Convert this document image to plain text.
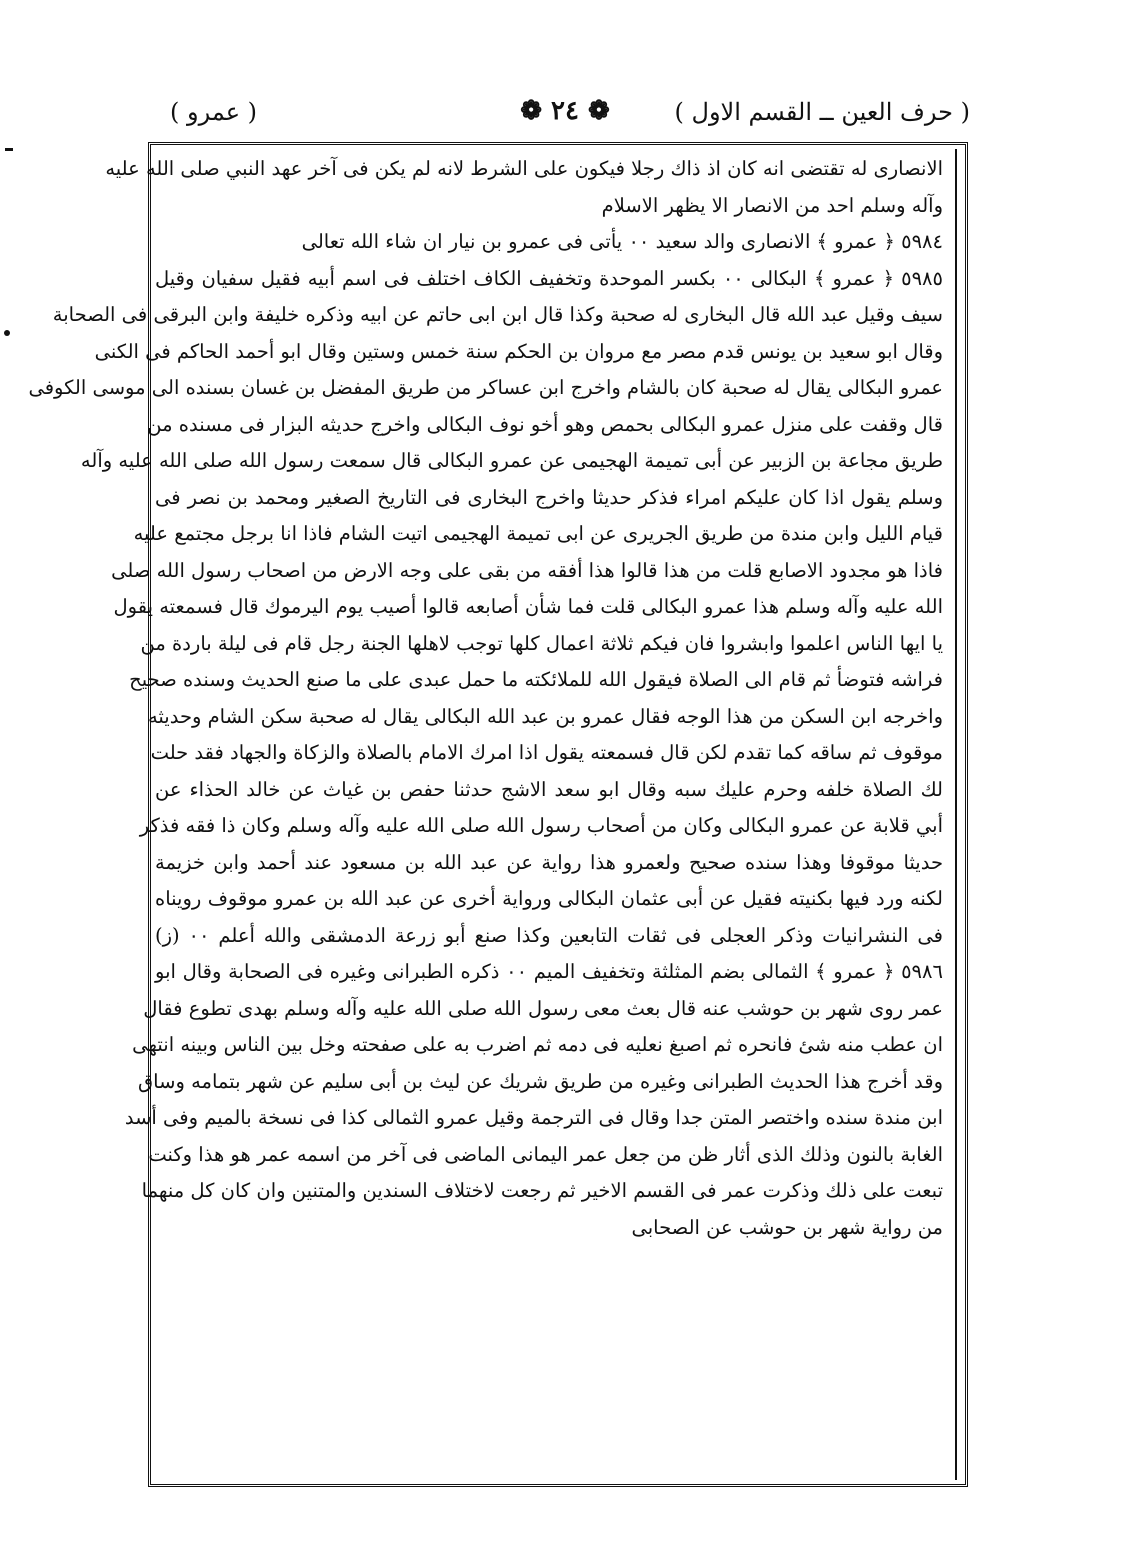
( عمرو )	❁ ٢٤ ❁	( حرف العين ــ القسم الاول )
الانصارى له تقتضى انه كان اذ ذاك رجلا فيكون على الشرط لانه لم يكن فى آخر عهد النبي صلى الله عليه
وآله وسلم احد من الانصار الا يظهر الاسلام
٥٩٨٤ ﴿ عمرو ﴾ الانصارى والد سعيد ٠٠ يأتى فى عمرو بن نيار ان شاء الله تعالى
٥٩٨٥ ﴿ عمرو ﴾ البكالى ٠٠ بكسر الموحدة وتخفيف الكاف اختلف فى اسم أبيه فقيل سفيان وقيل
سيف وقيل عبد الله قال البخارى له صحبة وكذا قال ابن ابى حاتم عن ابيه وذكره خليفة وابن البرقى فى الصحابة
وقال ابو سعيد بن يونس قدم مصر مع مروان بن الحكم سنة خمس وستين وقال ابو أحمد الحاكم فى الكنى
عمرو البكالى يقال له صحبة كان بالشام واخرج ابن عساكر من طريق المفضل بن غسان بسنده الى موسى الكوفى
قال وقفت على منزل عمرو البكالى بحمص وهو أخو نوف البكالى واخرج حديثه البزار فى مسنده من
طريق مجاعة بن الزبير عن أبى تميمة الهجيمى عن عمرو البكالى قال سمعت رسول الله صلى الله عليه وآله
وسلم يقول اذا كان عليكم امراء فذكر حديثا واخرج البخارى فى التاريخ الصغير ومحمد بن نصر فى
قيام الليل وابن مندة من طريق الجريرى عن ابى تميمة الهجيمى اتيت الشام فاذا انا برجل مجتمع عليه
فاذا هو مجدود الاصابع قلت من هذا قالوا هذا أفقه من بقى على وجه الارض من اصحاب رسول الله صلى
الله عليه وآله وسلم هذا عمرو البكالى قلت فما شأن أصابعه قالوا أصيب يوم اليرموك قال فسمعته يقول
يا ايها الناس اعلموا وابشروا فان فيكم ثلاثة اعمال كلها توجب لاهلها الجنة رجل قام فى ليلة باردة من
فراشه فتوضأ ثم قام الى الصلاة فيقول الله للملائكته ما حمل عبدى على ما صنع الحديث وسنده صحيح
واخرجه ابن السكن من هذا الوجه فقال عمرو بن عبد الله البكالى يقال له صحبة سكن الشام وحديثه
موقوف ثم ساقه كما تقدم لكن قال فسمعته يقول اذا امرك الامام بالصلاة والزكاة والجهاد فقد حلت
لك الصلاة خلفه وحرم عليك سبه وقال ابو سعد الاشج حدثنا حفص بن غياث عن خالد الحذاء عن
أبي قلابة عن عمرو البكالى وكان من أصحاب رسول الله صلى الله عليه وآله وسلم وكان ذا فقه فذكر
حديثا موقوفا وهذا سنده صحيح ولعمرو هذا رواية عن عبد الله بن مسعود عند أحمد وابن خزيمة
لكنه ورد فيها بكنيته فقيل عن أبى عثمان البكالى ورواية أخرى عن عبد الله بن عمرو موقوف رويناه
فى النشرانيات وذكر العجلى فى ثقات التابعين وكذا صنع أبو زرعة الدمشقى والله أعلم ٠٠ (ز)
٥٩٨٦ ﴿ عمرو ﴾ الثمالى بضم المثلثة وتخفيف الميم ٠٠ ذكره الطبرانى وغيره فى الصحابة وقال ابو
عمر روى شهر بن حوشب عنه قال بعث معى رسول الله صلى الله عليه وآله وسلم بهدى تطوع فقال
ان عطب منه شئ فانحره ثم اصبغ نعليه فى دمه ثم اضرب به على صفحته وخل بين الناس وبينه انتهى
وقد أخرج هذا الحديث الطبرانى وغيره من طريق شريك عن ليث بن أبى سليم عن شهر بتمامه وساق
ابن مندة سنده واختصر المتن جدا وقال فى الترجمة وقيل عمرو الثمالى كذا فى نسخة بالميم وفى أسد
الغابة بالنون وذلك الذى أثار ظن من جعل عمر اليمانى الماضى فى آخر من اسمه عمر هو هذا وكنت
تبعت على ذلك وذكرت عمر فى القسم الاخير ثم رجعت لاختلاف السندين والمتنين وان كان كل منهما
من رواية شهر بن حوشب عن الصحابى
